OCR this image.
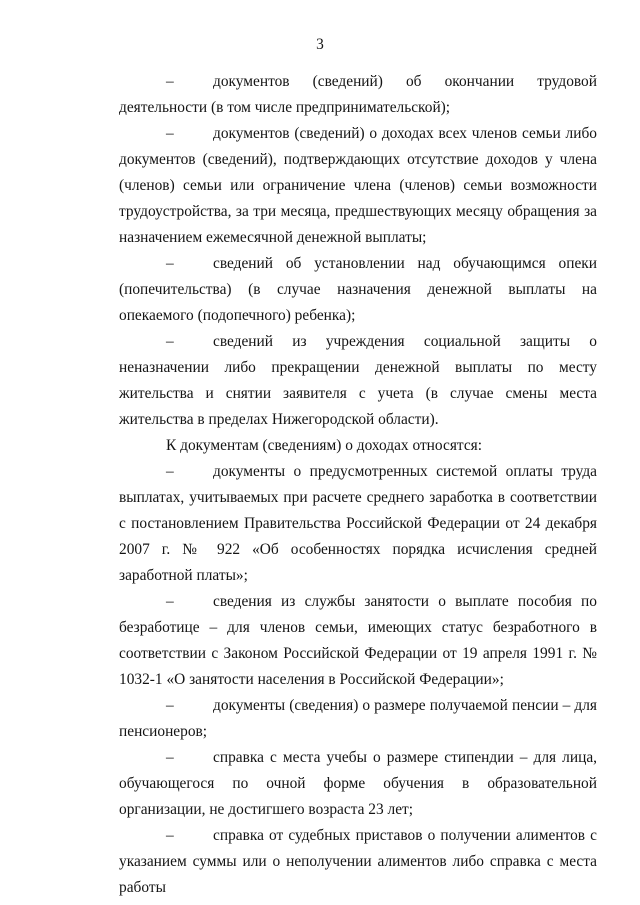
3

–	документов (сведений) об окончании трудовой деятельности (в том числе предпринимательской);

–	документов (сведений) о доходах всех членов семьи либо документов (сведений), подтверждающих отсутствие доходов у члена (членов) семьи или ограничение члена (членов) семьи возможности трудоустройства, за три месяца, предшествующих месяцу обращения за назначением ежемесячной денежной выплаты;

–	сведений об установлении над обучающимся опеки (попечительства) (в случае назначения денежной выплаты на опекаемого (подопечного) ребенка);

–	сведений из учреждения социальной защиты о неназначении либо прекращении денежной выплаты по месту жительства и снятии заявителя с учета (в случае смены места жительства в пределах Нижегородской области).

К документам (сведениям) о доходах относятся:

–	документы о предусмотренных системой оплаты труда выплатах, учитываемых при расчете среднего заработка в соответствии с постановлением Правительства Российской Федерации от 24 декабря 2007 г. № 922 «Об особенностях порядка исчисления средней заработной платы»;

–	сведения из службы занятости о выплате пособия по безработице – для членов семьи, имеющих статус безработного в соответствии с Законом Российской Федерации от 19 апреля 1991 г. № 1032-1 «О занятости населения в Российской Федерации»;

–	документы (сведения) о размере получаемой пенсии – для пенсионеров;

–	справка с места учебы о размере стипендии – для лица, обучающегося по очной форме обучения в образовательной организации, не достигшего возраста 23 лет;

–	справка от судебных приставов о получении алиментов с указанием суммы или о неполучении алиментов либо справка с места работы
